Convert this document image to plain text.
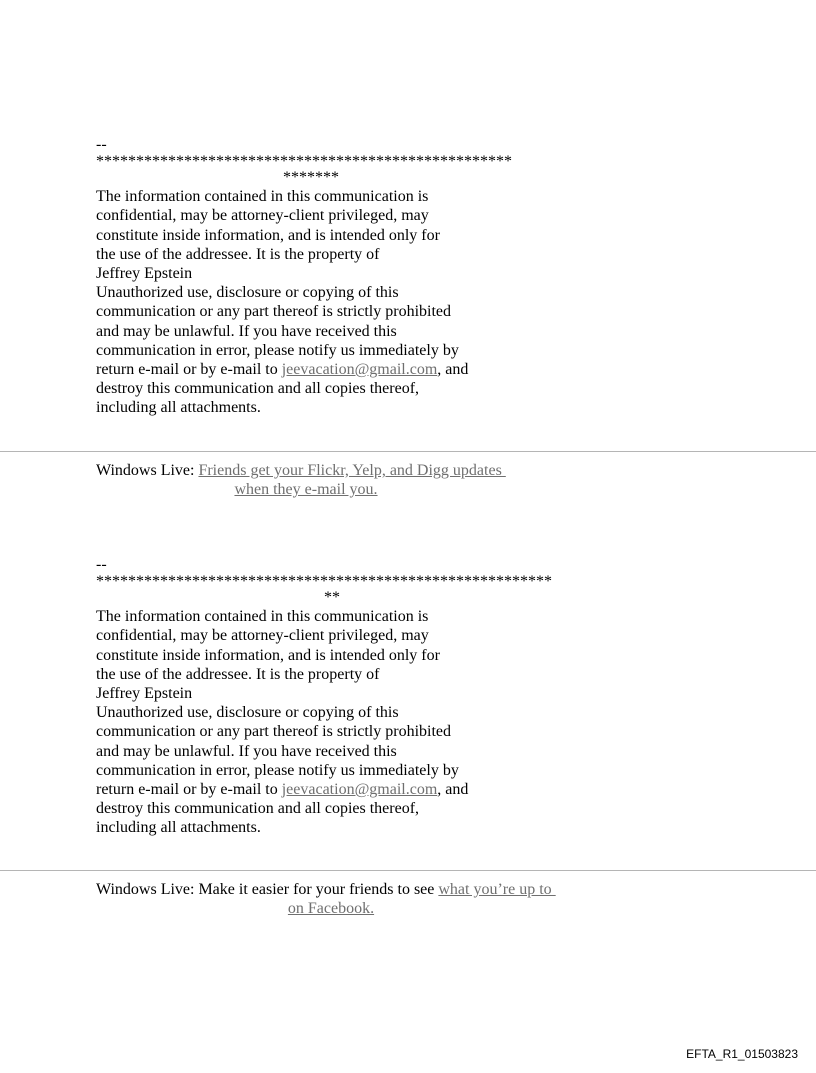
--
****************************************************
*******
The information contained in this communication is
confidential, may be attorney-client privileged, may
constitute inside information, and is intended only for
the use of the addressee. It is the property of
Jeffrey Epstein
Unauthorized use, disclosure or copying of this
communication or any part thereof is strictly prohibited
and may be unlawful. If you have received this
communication in error, please notify us immediately by
return e-mail or by e-mail to jeevacation@gmail.com, and
destroy this communication and all copies thereof,
including all attachments.
Windows Live: Friends get your Flickr, Yelp, and Digg updates
when they e-mail you.
--
*********************************************************
**
The information contained in this communication is
confidential, may be attorney-client privileged, may
constitute inside information, and is intended only for
the use of the addressee. It is the property of
Jeffrey Epstein
Unauthorized use, disclosure or copying of this
communication or any part thereof is strictly prohibited
and may be unlawful. If you have received this
communication in error, please notify us immediately by
return e-mail or by e-mail to jeevacation@gmail.com, and
destroy this communication and all copies thereof,
including all attachments.
Windows Live: Make it easier for your friends to see what you’re up to
on Facebook.
EFTA_R1_01503823
